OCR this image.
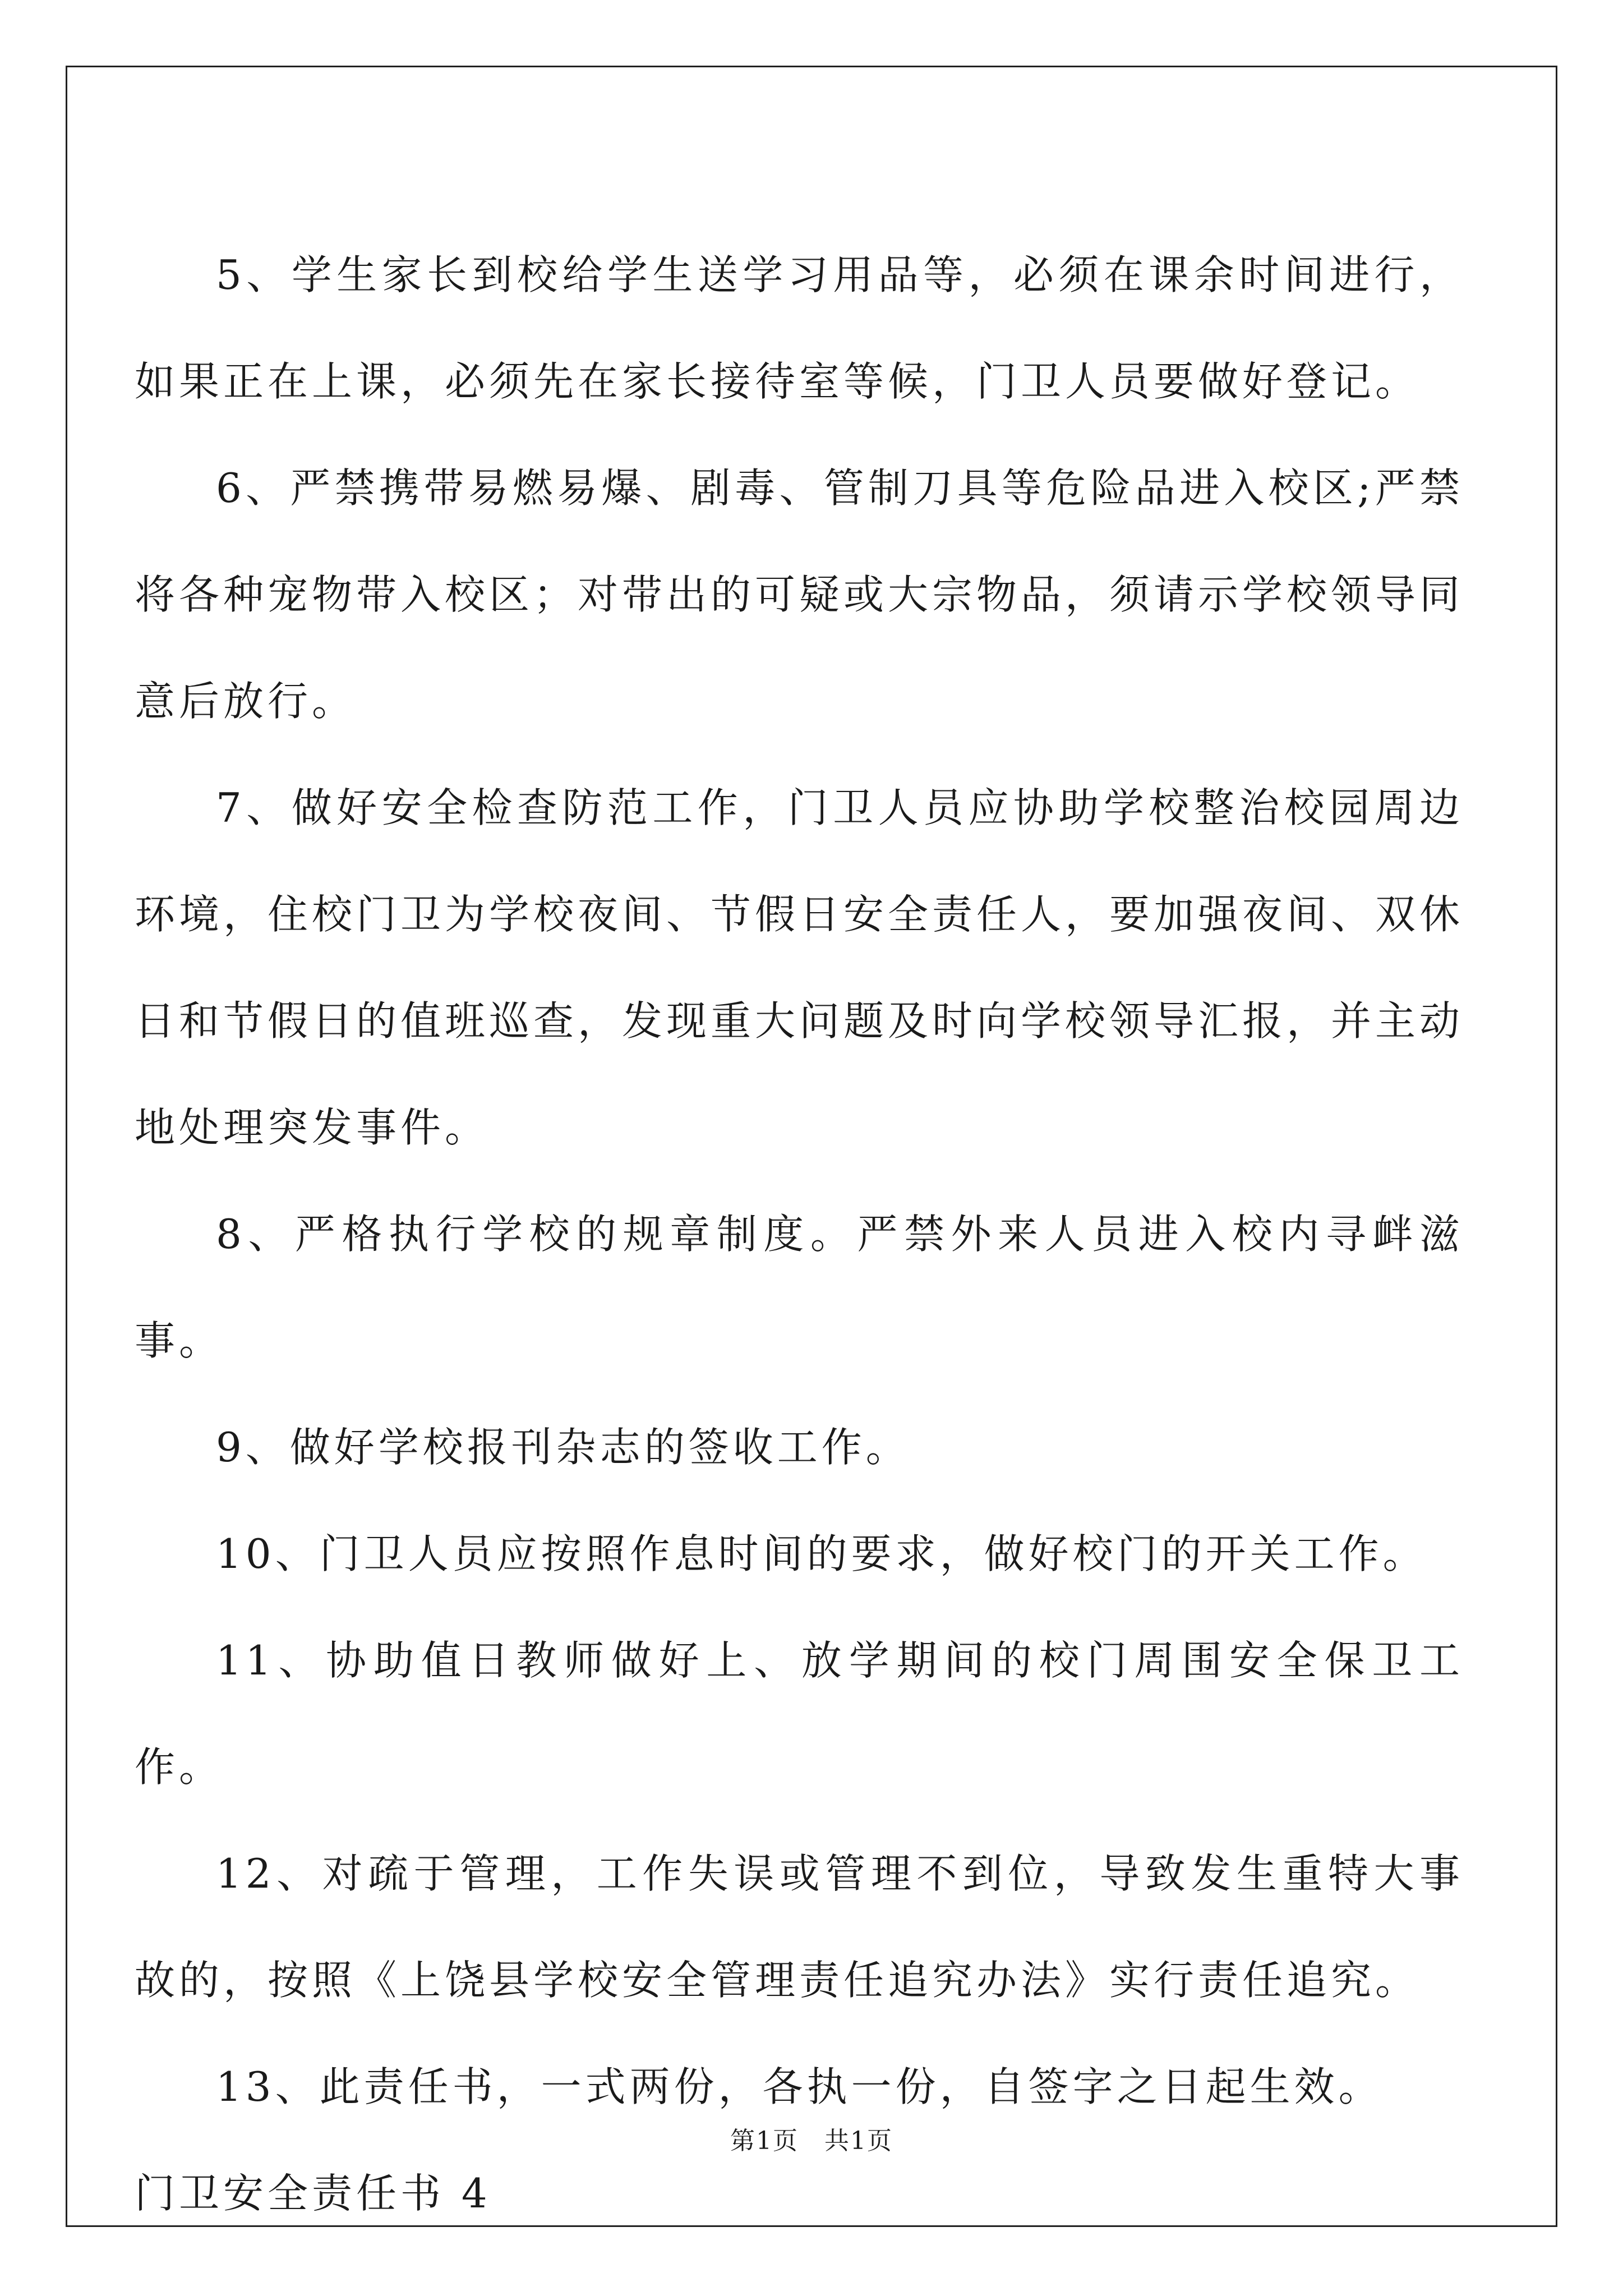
5、学生家长到校给学生送学习用品等，必须在课余时间进行，如果正在上课，必须先在家长接待室等候，门卫人员要做好登记。

6、严禁携带易燃易爆、剧毒、管制刀具等危险品进入校区;严禁将各种宠物带入校区；对带出的可疑或大宗物品，须请示学校领导同意后放行。

7、做好安全检查防范工作，门卫人员应协助学校整治校园周边环境，住校门卫为学校夜间、节假日安全责任人，要加强夜间、双休日和节假日的值班巡查，发现重大问题及时向学校领导汇报，并主动地处理突发事件。

8、严格执行学校的规章制度。严禁外来人员进入校内寻衅滋事。

9、做好学校报刊杂志的签收工作。

10、门卫人员应按照作息时间的要求，做好校门的开关工作。

11、协助值日教师做好上、放学期间的校门周围安全保卫工作。

12、对疏于管理，工作失误或管理不到位，导致发生重特大事故的，按照《上饶县学校安全管理责任追究办法》实行责任追究。

13、此责任书，一式两份，各执一份，自签字之日起生效。

门卫安全责任书 4

第1页　共1页
